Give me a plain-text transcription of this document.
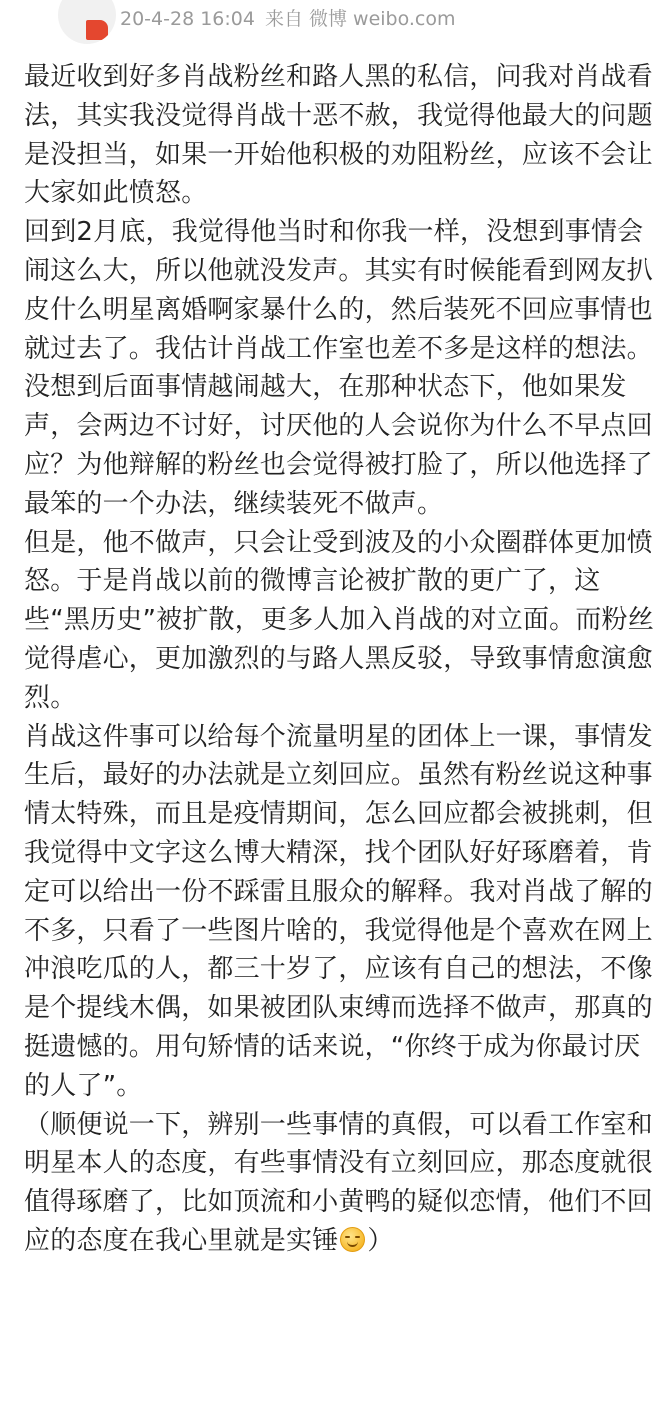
20-4-28 16:04 来自 微博 weibo.com

最近收到好多肖战粉丝和路人黑的私信，问我对肖战看法，其实我没觉得肖战十恶不赦，我觉得他最大的问题是没担当，如果一开始他积极的劝阻粉丝，应该不会让大家如此愤怒。

回到2月底，我觉得他当时和你我一样，没想到事情会闹这么大，所以他就没发声。其实有时候能看到网友扒皮什么明星离婚啊家暴什么的，然后装死不回应事情也就过去了。我估计肖战工作室也差不多是这样的想法。没想到后面事情越闹越大，在那种状态下，他如果发声，会两边不讨好，讨厌他的人会说你为什么不早点回应？为他辩解的粉丝也会觉得被打脸了，所以他选择了最笨的一个办法，继续装死不做声。

但是，他不做声，只会让受到波及的小众圈群体更加愤怒。于是肖战以前的微博言论被扩散的更广了，这些“黑历史”被扩散，更多人加入肖战的对立面。而粉丝觉得虐心，更加激烈的与路人黑反驳，导致事情愈演愈烈。

肖战这件事可以给每个流量明星的团体上一课，事情发生后，最好的办法就是立刻回应。虽然有粉丝说这种事情太特殊，而且是疫情期间，怎么回应都会被挑刺，但我觉得中文字这么博大精深，找个团队好好琢磨着，肯定可以给出一份不踩雷且服众的解释。我对肖战了解的不多，只看了一些图片啥的，我觉得他是个喜欢在网上冲浪吃瓜的人，都三十岁了，应该有自己的想法，不像是个提线木偶，如果被团队束缚而选择不做声，那真的挺遗憾的。用句矫情的话来说，“你终于成为你最讨厌的人了”。

（顺便说一下，辨别一些事情的真假，可以看工作室和明星本人的态度，有些事情没有立刻回应，那态度就很值得琢磨了，比如顶流和小黄鸭的疑似恋情，他们不回应的态度在我心里就是实锤 ）
